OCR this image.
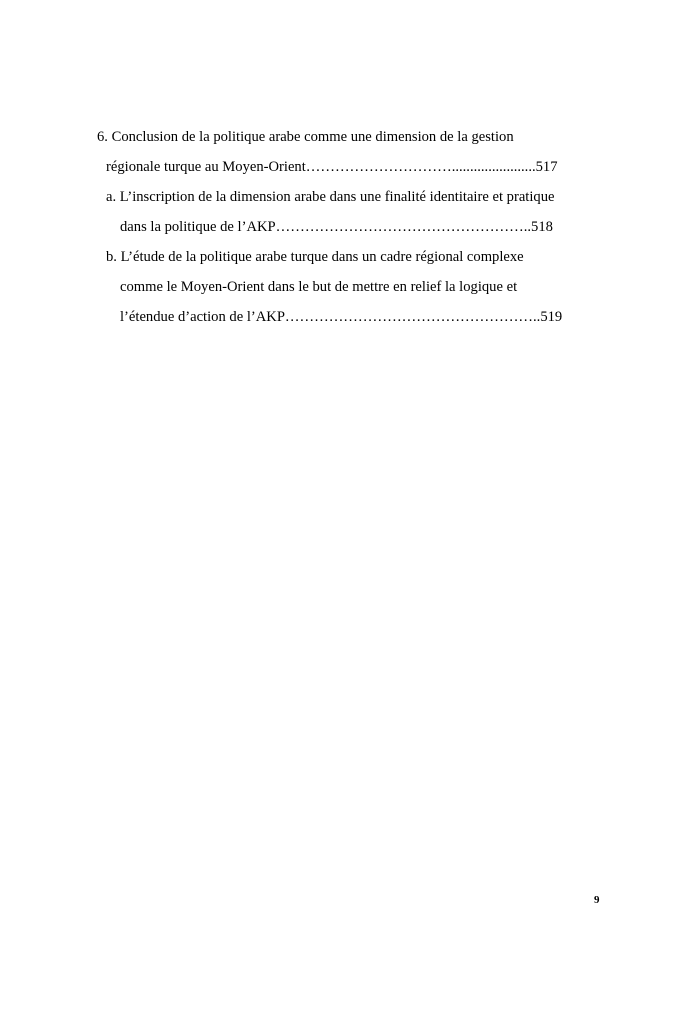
6. Conclusion de la politique arabe comme une dimension de la gestion
régionale turque au Moyen-Orient………………………….......................517
a. L’inscription de la dimension arabe dans une finalité identitaire et pratique
dans la politique de l’AKP……………………………………………..518
b. L’étude de la politique arabe turque dans un cadre régional complexe
comme le Moyen-Orient dans le but de mettre en relief la logique et
l’étendue d’action de l’AKP……………………………………………..519
9
